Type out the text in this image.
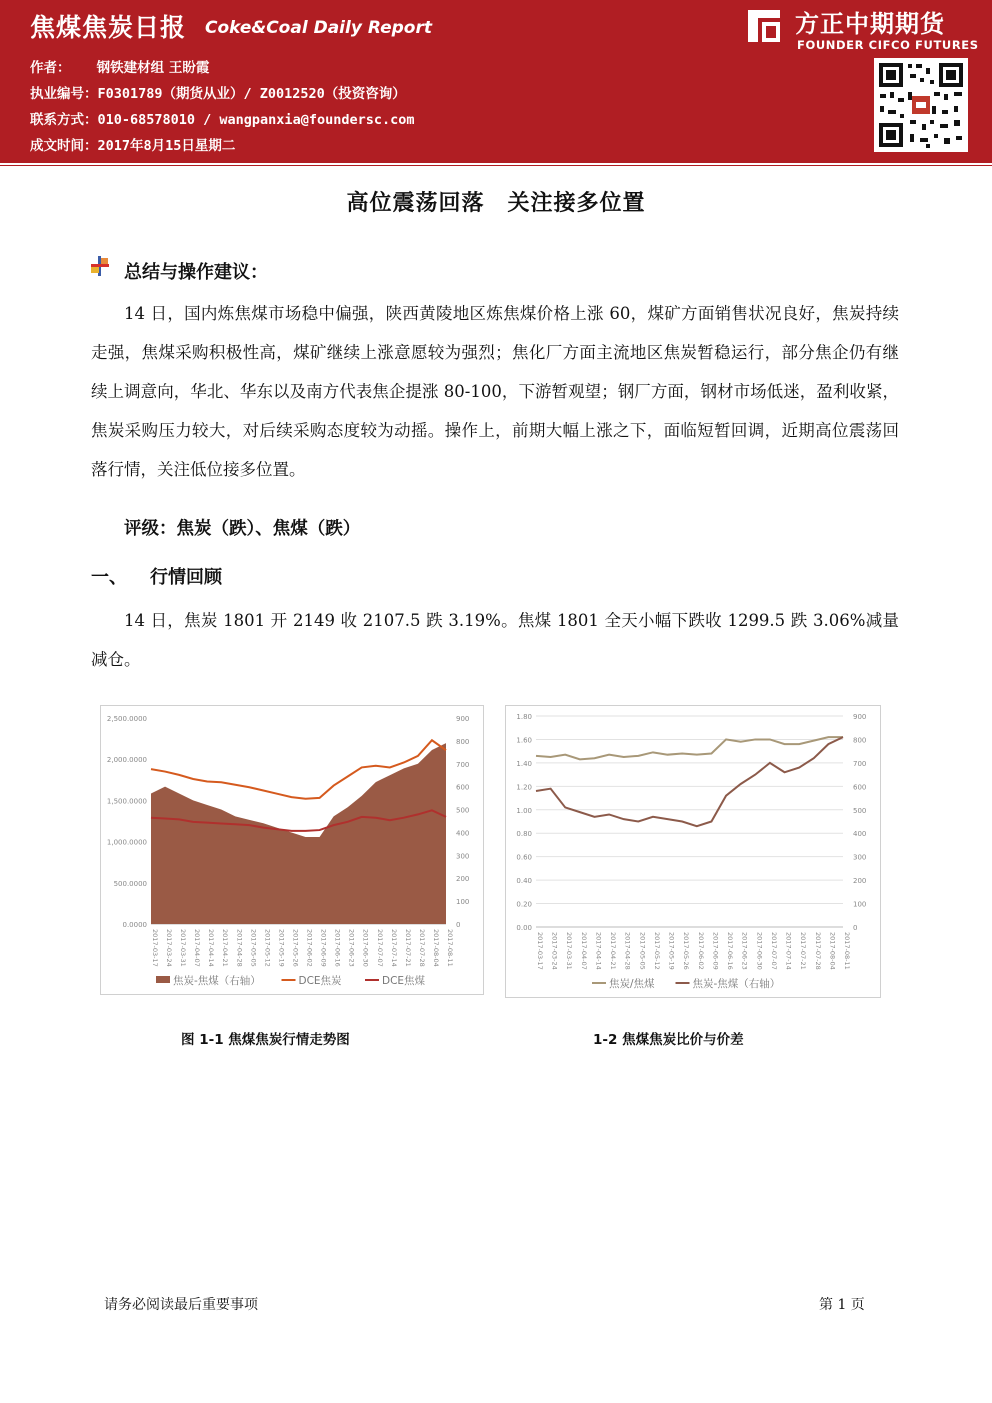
焦煤焦炭日报 Coke&Coal Daily Report
作者： 钢铁建材组 王盼霞
执业编号：F0301789（期货从业）/ Z0012520（投资咨询）
联系方式：010-68578010 / wangpanxia@foundersc.com
成文时间：2017年8月15日星期二
方正中期期货
FOUNDER CIFCO FUTURES
高位震荡回落　关注接多位置
总结与操作建议：

14 日，国内炼焦煤市场稳中偏强，陕西黄陵地区炼焦煤价格上涨 60，煤矿方面销售状况良好，焦炭持续走强，焦煤采购积极性高，煤矿继续上涨意愿较为强烈；焦化厂方面主流地区焦炭暂稳运行，部分焦企仍有继续上调意向，华北、华东以及南方代表焦企提涨 80-100，下游暂观望；钢厂方面，钢材市场低迷，盈利收紧，焦炭采购压力较大，对后续采购态度较为动摇。操作上，前期大幅上涨之下，面临短暂回调，近期高位震荡回落行情，关注低位接多位置。

评级：焦炭（跌）、焦煤（跌）
一、 行情回顾

14 日，焦炭 1801 开 2149 收 2107.5 跌 3.19%。焦煤 1801 全天小幅下跌收 1299.5 跌 3.06%减量减仓。

0.0000
500.0000
1,000.0000
1,500.0000
2,000.0000
2,500.0000
0
100
200
300
400
500
600
700
800
900
2017-03-17 2017-03-24 2017-03-31 2017-04-07 2017-04-14 2017-04-21 2017-04-28 2017-05-05 2017-05-12 2017-05-19 2017-05-26 2017-06-02 2017-06-09 2017-06-16 2017-06-23 2017-06-30 2017-07-07 2017-07-14 2017-07-21 2017-07-28 2017-08-04 2017-08-11
焦炭-焦煤（右轴）	DCE焦炭	DCE焦煤
0.00
0.20
0.40
0.60
0.80
1.00
1.20
1.40
1.60
1.80
0
100
200
300
400
500
600
700
800
900
2017-03-17 2017-03-24 2017-03-31 2017-04-07 2017-04-14 2017-04-21 2017-04-28 2017-05-05 2017-05-12 2017-05-19 2017-05-26 2017-06-02 2017-06-09 2017-06-16 2017-06-23 2017-06-30 2017-07-07 2017-07-14 2017-07-21 2017-07-28 2017-08-04 2017-08-11
焦炭/焦煤	焦炭-焦煤（右轴）
图 1-1 焦煤焦炭行情走势图	1-2 焦煤焦炭比价与价差
请务必阅读最后重要事项	第 1 页
